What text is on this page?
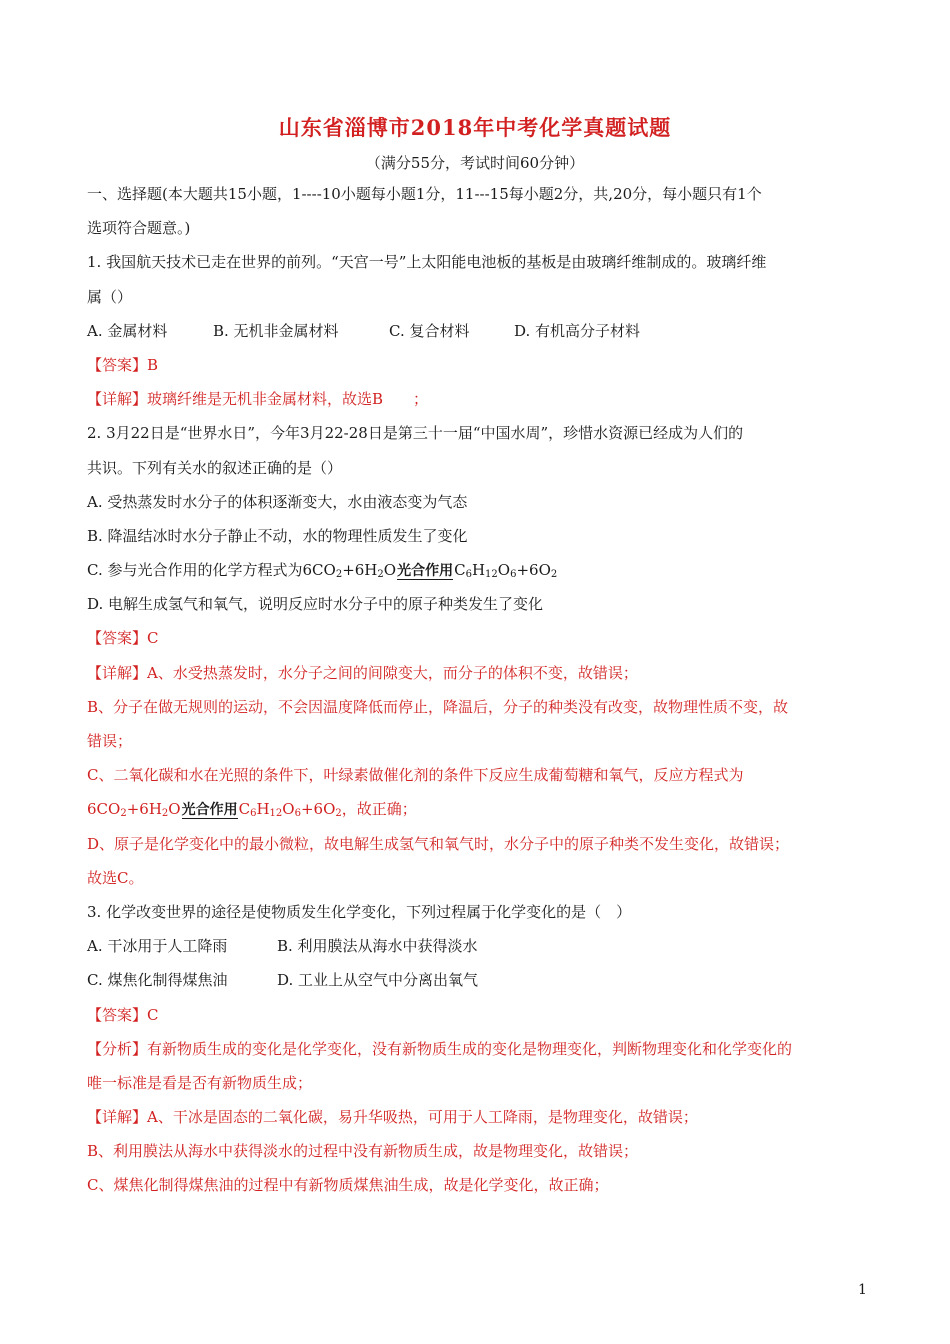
山东省淄博市2018年中考化学真题试题
（满分55分，考试时间60分钟）
一、选择题(本大题共15小题，1----10小题每小题1分，11---15每小题2分，共,20分，每小题只有1个
选项符合题意。)
1. 我国航天技术已走在世界的前列。“天宫一号”上太阳能电池板的基板是由玻璃纤维制成的。玻璃纤维
属（）
A. 金属材料	B. 无机非金属材料	C. 复合材料	D. 有机高分子材料
【答案】B
【详解】玻璃纤维是无机非金属材料，故选B　　；
2. 3月22日是“世界水日”，今年3月22-28日是第三十一届“中国水周”，珍惜水资源已经成为人们的
共识。下列有关水的叙述正确的是（）
A. 受热蒸发时水分子的体积逐渐变大，水由液态变为气态
B. 降温结冰时水分子静止不动，水的物理性质发生了变化
C. 参与光合作用的化学方程式为$6CO_2+6H_2O$光合作用
$C_6H_{12}O_6+6O_2$
D. 电解生成氢气和氧气，说明反应时水分子中的原子种类发生了变化
【答案】C
【详解】A、水受热蒸发时，水分子之间的间隙变大，而分子的体积不变，故错误；
B、分子在做无规则的运动，不会因温度降低而停止，降温后，分子的种类没有改变，故物理性质不变，故
错误；
C、二氧化碳和水在光照的条件下，叶绿素做催化剂的条件下反应生成葡萄糖和氧气，反应方程式为
$6CO_2+6H_2O$光合作用
$C_6H_{12}O_6+6O_2$，故正确；
D、原子是化学变化中的最小微粒，故电解生成氢气和氧气时，水分子中的原子种类不发生变化，故错误；
故选C。
3. 化学改变世界的途径是使物质发生化学变化，下列过程属于化学变化的是（　）
A. 干冰用于人工降雨	B. 利用膜法从海水中获得淡水
C. 煤焦化制得煤焦油	D. 工业上从空气中分离出氧气
【答案】C
【分析】有新物质生成的变化是化学变化，没有新物质生成的变化是物理变化，判断物理变化和化学变化的
唯一标准是看是否有新物质生成；
【详解】A、干冰是固态的二氧化碳，易升华吸热，可用于人工降雨，是物理变化，故错误；
B、利用膜法从海水中获得淡水的过程中没有新物质生成，故是物理变化，故错误；
C、煤焦化制得煤焦油的过程中有新物质煤焦油生成，故是化学变化，故正确；
1
